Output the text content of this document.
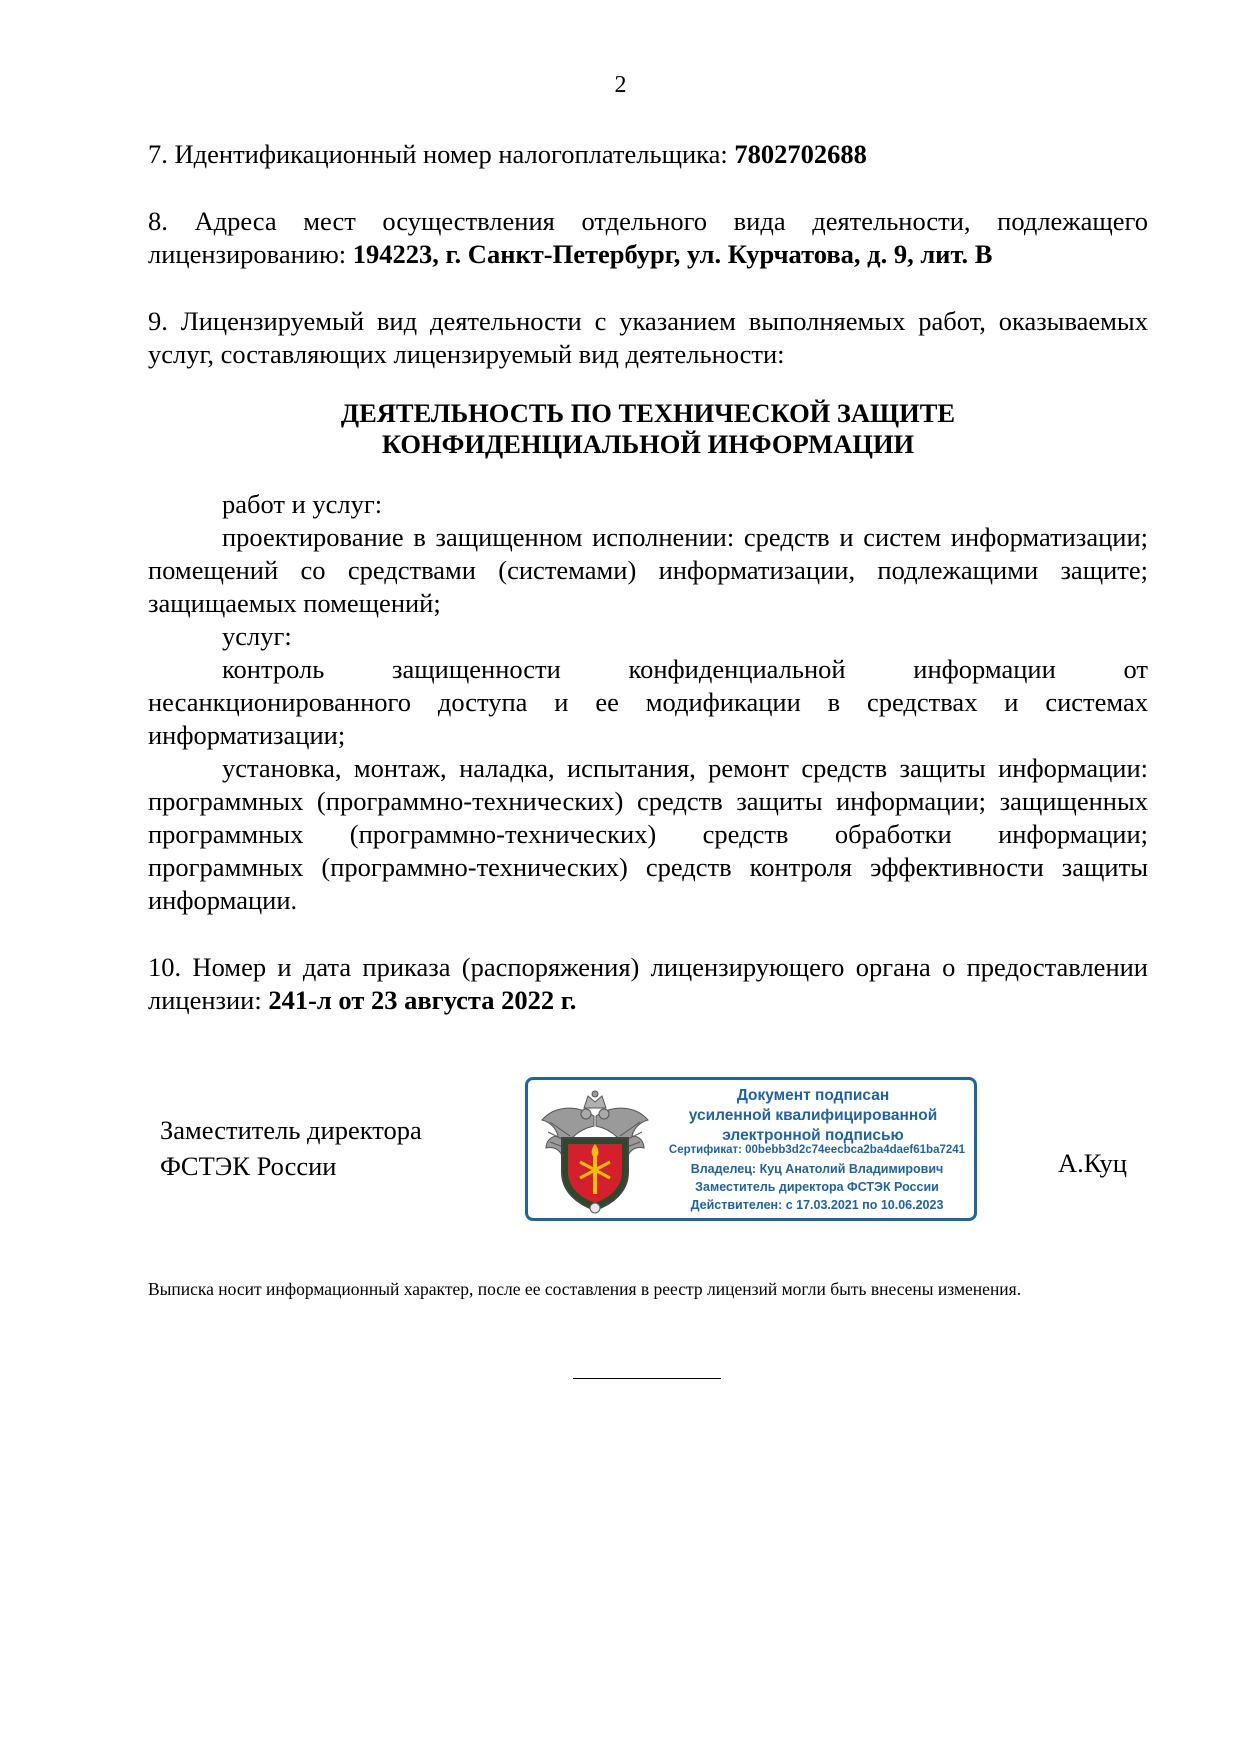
2

7. Идентификационный номер налогоплательщика: 7802702688

8. Адреса мест осуществления отдельного вида деятельности, подлежащего лицензированию: 194223, г. Санкт-Петербург, ул. Курчатова, д. 9, лит. В

9. Лицензируемый вид деятельности с указанием выполняемых работ, оказываемых услуг, составляющих лицензируемый вид деятельности:

ДЕЯТЕЛЬНОСТЬ ПО ТЕХНИЧЕСКОЙ ЗАЩИТЕ

КОНФИДЕНЦИАЛЬНОЙ ИНФОРМАЦИИ

работ и услуг:

проектирование в защищенном исполнении: средств и систем информатизации; помещений со средствами (системами) информатизации, подлежащими защите; защищаемых помещений;

услуг:

контроль защищенности конфиденциальной информации от несанкционированного доступа и ее модификации в средствах и системах информатизации;

установка, монтаж, наладка, испытания, ремонт средств защиты информации: программных (программно-технических) средств защиты информации; защищенных программных (программно-технических) средств обработки информации; программных (программно-технических) средств контроля эффективности защиты информации.

10. Номер и дата приказа (распоряжения) лицензирующего органа о предоставлении лицензии: 241-л от 23 августа 2022 г.

Заместитель директора
ФСТЭК России
Документ подписан
усиленной квалифицированной
электронной подписью
Сертификат: 00bebb3d2c74eecbca2ba4daef61ba7241
Владелец: Куц Анатолий Владимирович
Заместитель директора ФСТЭК России
Действителен: с 17.03.2021 по 10.06.2023
А.Куц

Выписка носит информационный характер, после ее составления в реестр лицензий могли быть внесены изменения.
